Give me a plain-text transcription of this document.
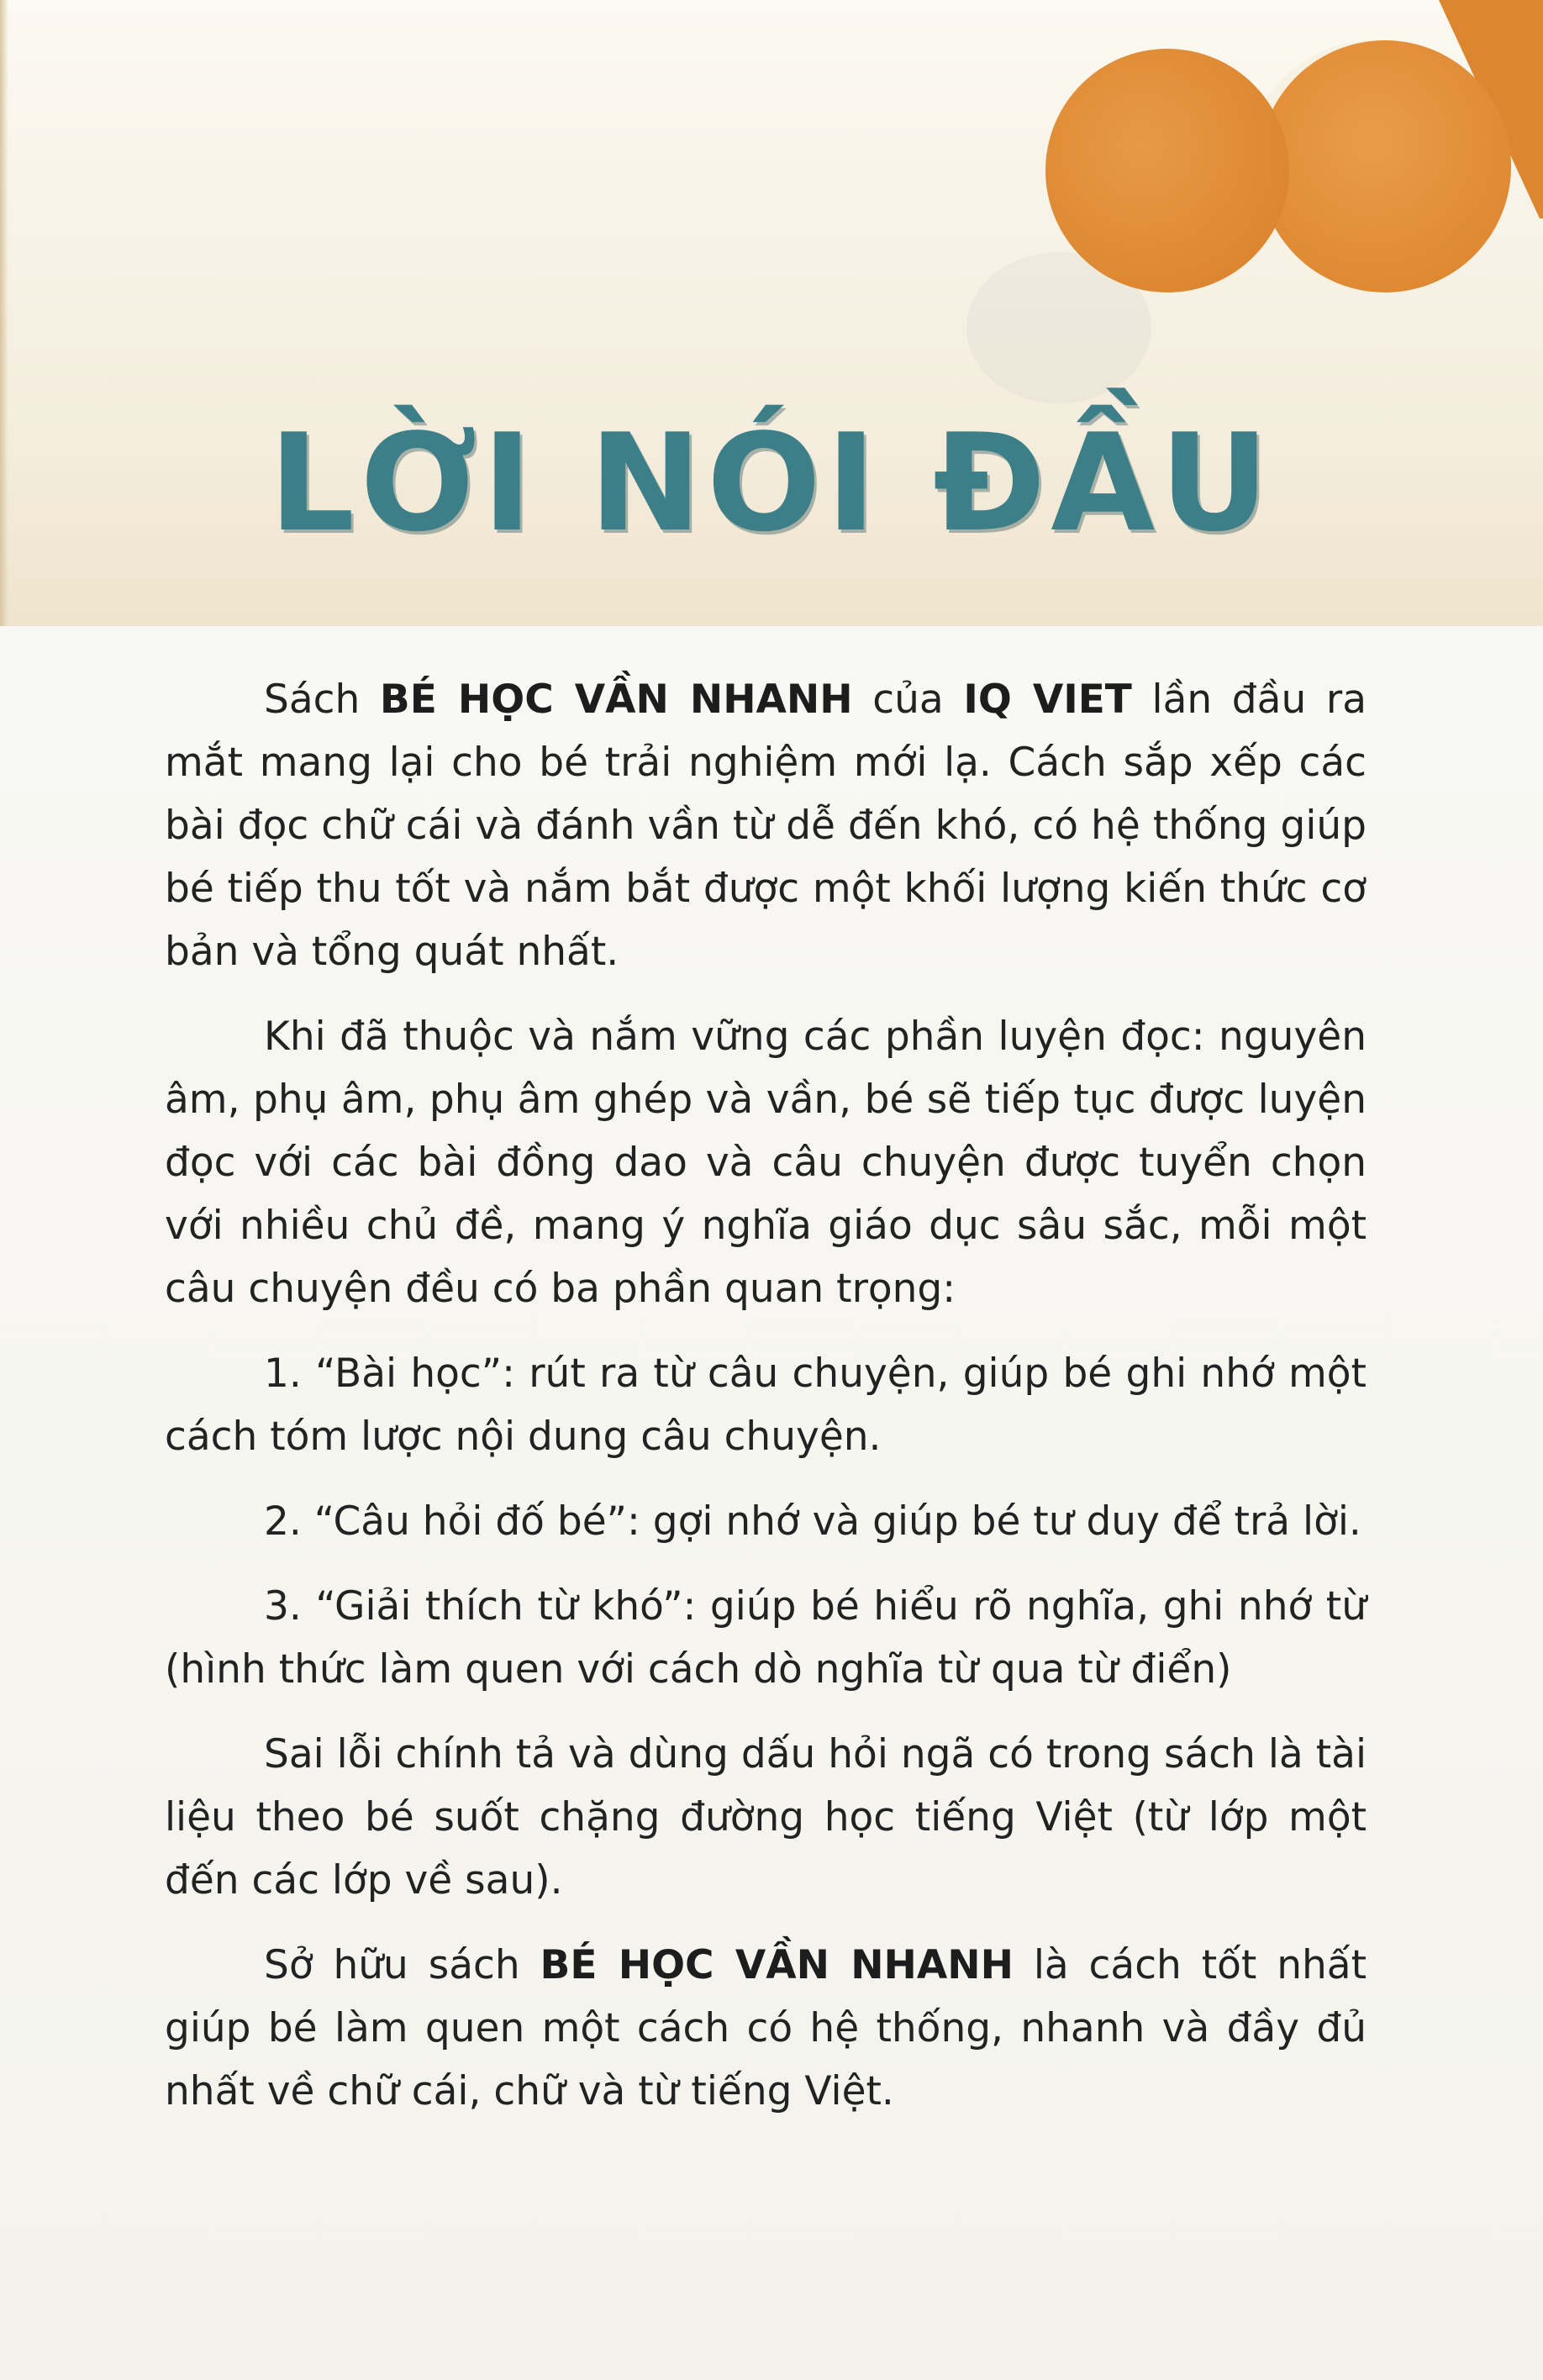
LỜI NÓI ĐẦU

Sách BÉ HỌC VẦN NHANH của IQ VIET lần đầu ra mắt mang lại cho bé trải nghiệm mới lạ. Cách sắp xếp các bài đọc chữ cái và đánh vần từ dễ đến khó, có hệ thống giúp bé tiếp thu tốt và nắm bắt được một khối lượng kiến thức cơ bản và tổng quát nhất.

Khi đã thuộc và nắm vững các phần luyện đọc: nguyên âm, phụ âm, phụ âm ghép và vần, bé sẽ tiếp tục được luyện đọc với các bài đồng dao và câu chuyện được tuyển chọn với nhiều chủ đề, mang ý nghĩa giáo dục sâu sắc, mỗi một câu chuyện đều có ba phần quan trọng:

1. “Bài học”: rút ra từ câu chuyện, giúp bé ghi nhớ một cách tóm lược nội dung câu chuyện.

2. “Câu hỏi đố bé”: gợi nhớ và giúp bé tư duy để trả lời.

3. “Giải thích từ khó”: giúp bé hiểu rõ nghĩa, ghi nhớ từ (hình thức làm quen với cách dò nghĩa từ qua từ điển)

Sai lỗi chính tả và dùng dấu hỏi ngã có trong sách là tài liệu theo bé suốt chặng đường học tiếng Việt (từ lớp một đến các lớp về sau).

Sở hữu sách BÉ HỌC VẦN NHANH là cách tốt nhất giúp bé làm quen một cách có hệ thống, nhanh và đầy đủ nhất về chữ cái, chữ và từ tiếng Việt.
